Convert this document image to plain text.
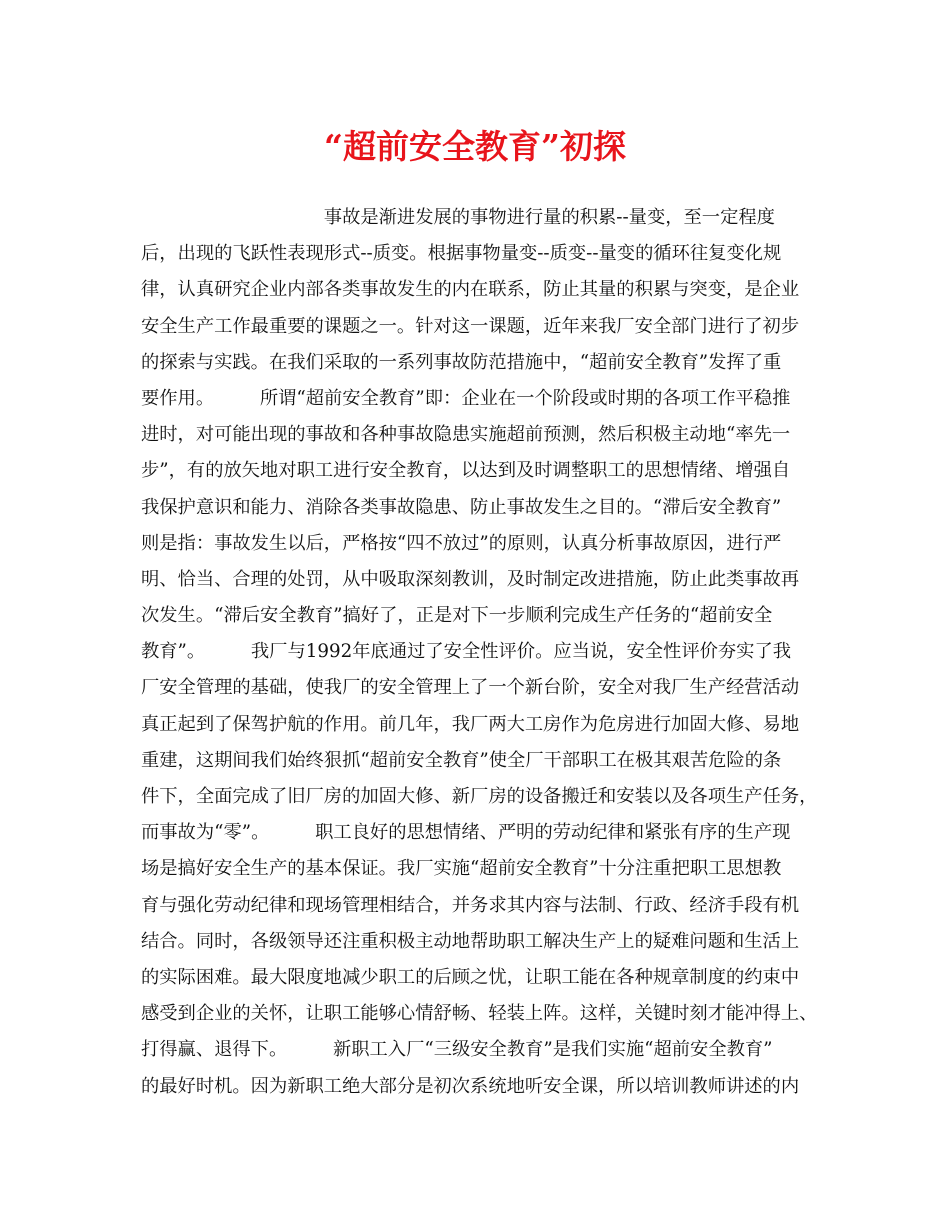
“超前安全教育”初探
　　　　　　　　　　事故是渐进发展的事物进行量的积累--量变，至一定程度
后，出现的飞跃性表现形式--质变。根据事物量变--质变--量变的循环往复变化规
律，认真研究企业内部各类事故发生的内在联系，防止其量的积累与突变，是企业
安全生产工作最重要的课题之一。针对这一课题，近年来我厂安全部门进行了初步
的探索与实践。在我们采取的一系列事故防范措施中，“超前安全教育”发挥了重
要作用。　　　所谓“超前安全教育”即：企业在一个阶段或时期的各项工作平稳推
进时，对可能出现的事故和各种事故隐患实施超前预测，然后积极主动地“率先一
步”，有的放矢地对职工进行安全教育，以达到及时调整职工的思想情绪、增强自
我保护意识和能力、消除各类事故隐患、防止事故发生之目的。“滞后安全教育”
则是指：事故发生以后，严格按“四不放过”的原则，认真分析事故原因，进行严
明、恰当、合理的处罚，从中吸取深刻教训，及时制定改进措施，防止此类事故再
次发生。“滞后安全教育”搞好了，正是对下一步顺利完成生产任务的“超前安全
教育”。　　　我厂与1992年底通过了安全性评价。应当说，安全性评价夯实了我
厂安全管理的基础，使我厂的安全管理上了一个新台阶，安全对我厂生产经营活动
真正起到了保驾护航的作用。前几年，我厂两大工房作为危房进行加固大修、易地
重建，这期间我们始终狠抓“超前安全教育”使全厂干部职工在极其艰苦危险的条
件下，全面完成了旧厂房的加固大修、新厂房的设备搬迁和安装以及各项生产任务，
而事故为“零”。　　　职工良好的思想情绪、严明的劳动纪律和紧张有序的生产现
场是搞好安全生产的基本保证。我厂实施“超前安全教育”十分注重把职工思想教
育与强化劳动纪律和现场管理相结合，并务求其内容与法制、行政、经济手段有机
结合。同时，各级领导还注重积极主动地帮助职工解决生产上的疑难问题和生活上
的实际困难。最大限度地减少职工的后顾之忧，让职工能在各种规章制度的约束中
感受到企业的关怀，让职工能够心情舒畅、轻装上阵。这样，关键时刻才能冲得上、
打得赢、退得下。　　　新职工入厂“三级安全教育”是我们实施“超前安全教育”
的最好时机。因为新职工绝大部分是初次系统地听安全课，所以培训教师讲述的内
